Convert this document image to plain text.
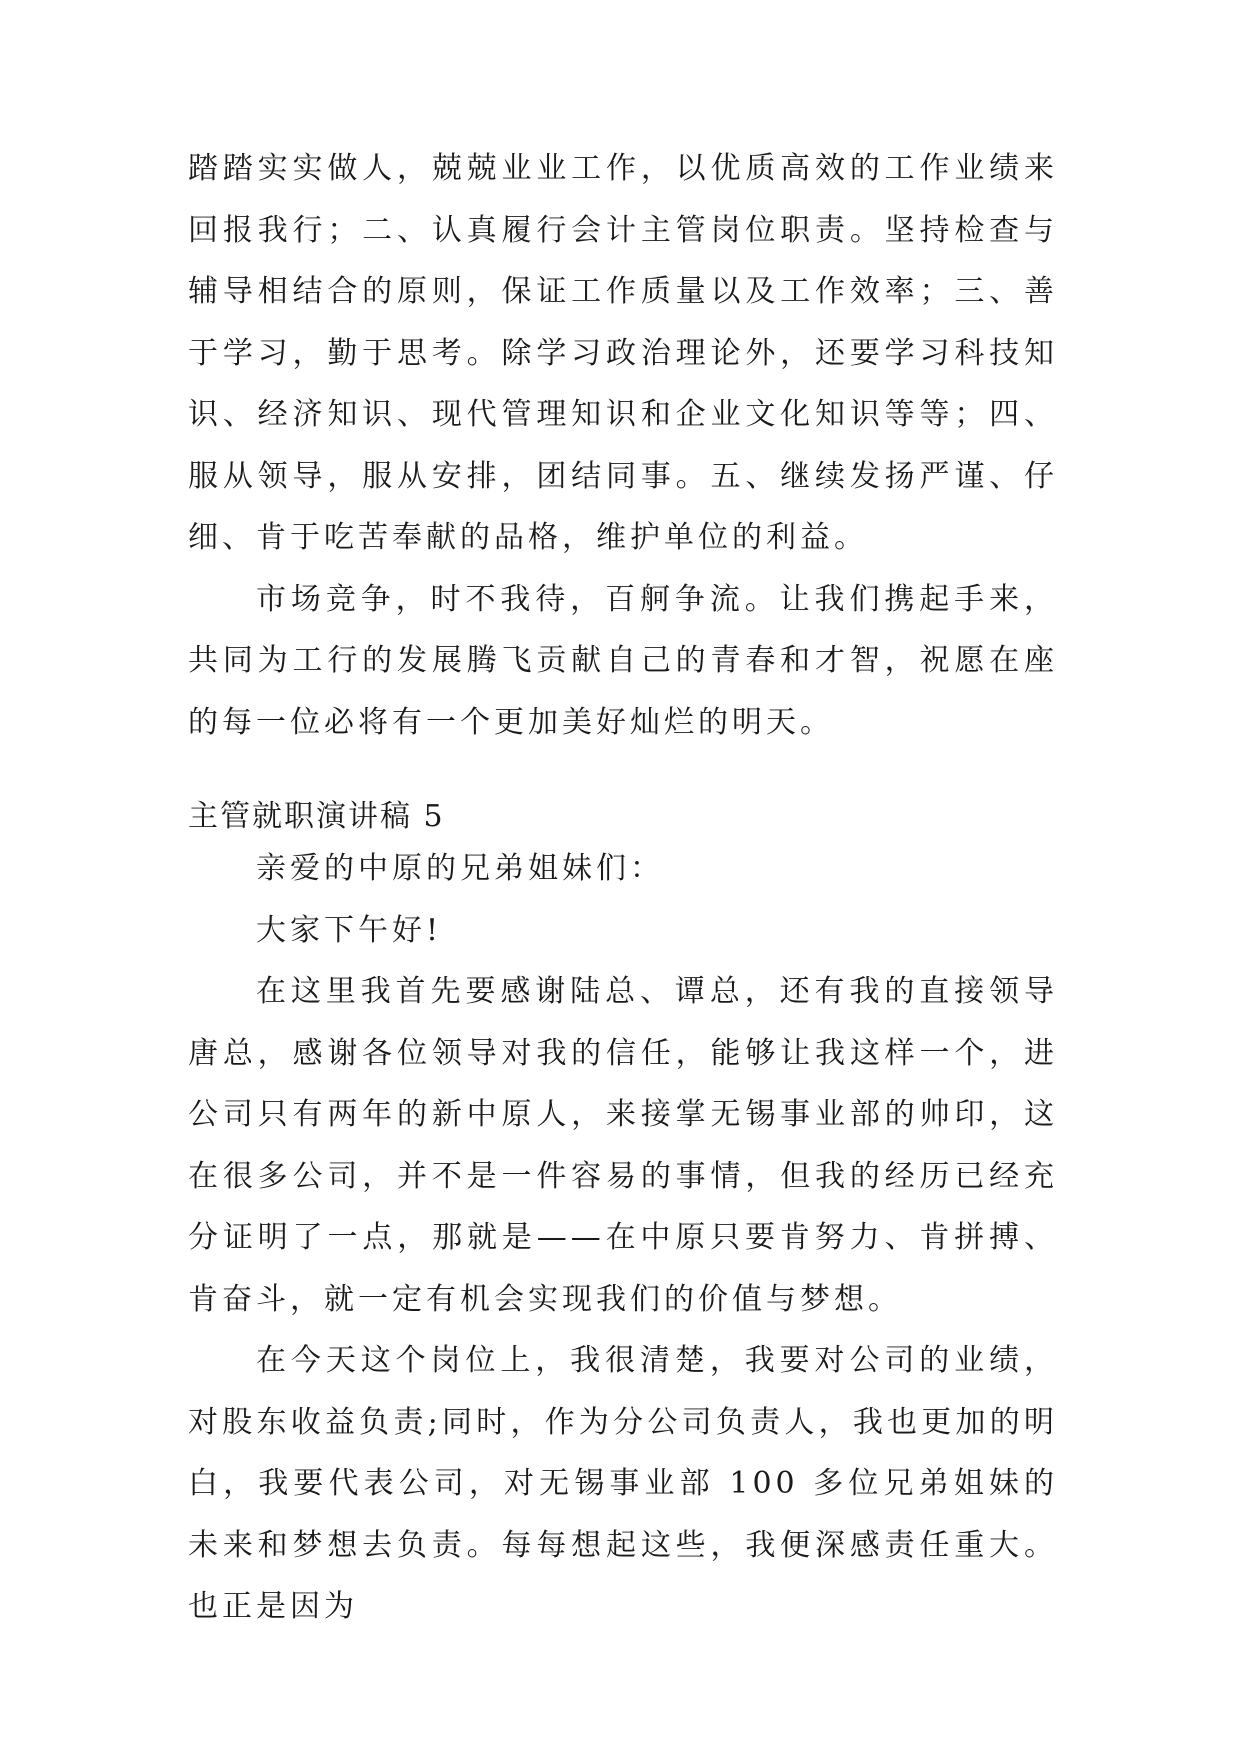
踏踏实实做人，兢兢业业工作，以优质高效的工作业绩来回报我行；二、认真履行会计主管岗位职责。坚持检查与辅导相结合的原则，保证工作质量以及工作效率；三、善于学习，勤于思考。除学习政治理论外，还要学习科技知识、经济知识、现代管理知识和企业文化知识等等；四、服从领导，服从安排，团结同事。五、继续发扬严谨、仔细、肯于吃苦奉献的品格，维护单位的利益。

市场竞争，时不我待，百舸争流。让我们携起手来，共同为工行的发展腾飞贡献自己的青春和才智，祝愿在座的每一位必将有一个更加美好灿烂的明天。

主管就职演讲稿 5

亲爱的中原的兄弟姐妹们：

大家下午好!

在这里我首先要感谢陆总、谭总，还有我的直接领导唐总，感谢各位领导对我的信任，能够让我这样一个，进公司只有两年的新中原人，来接掌无锡事业部的帅印，这在很多公司，并不是一件容易的事情，但我的经历已经充分证明了一点，那就是——在中原只要肯努力、肯拼搏、肯奋斗，就一定有机会实现我们的价值与梦想。

在今天这个岗位上，我很清楚，我要对公司的业绩，对股东收益负责;同时，作为分公司负责人，我也更加的明白，我要代表公司，对无锡事业部 100 多位兄弟姐妹的未来和梦想去负责。每每想起这些，我便深感责任重大。也正是因为
